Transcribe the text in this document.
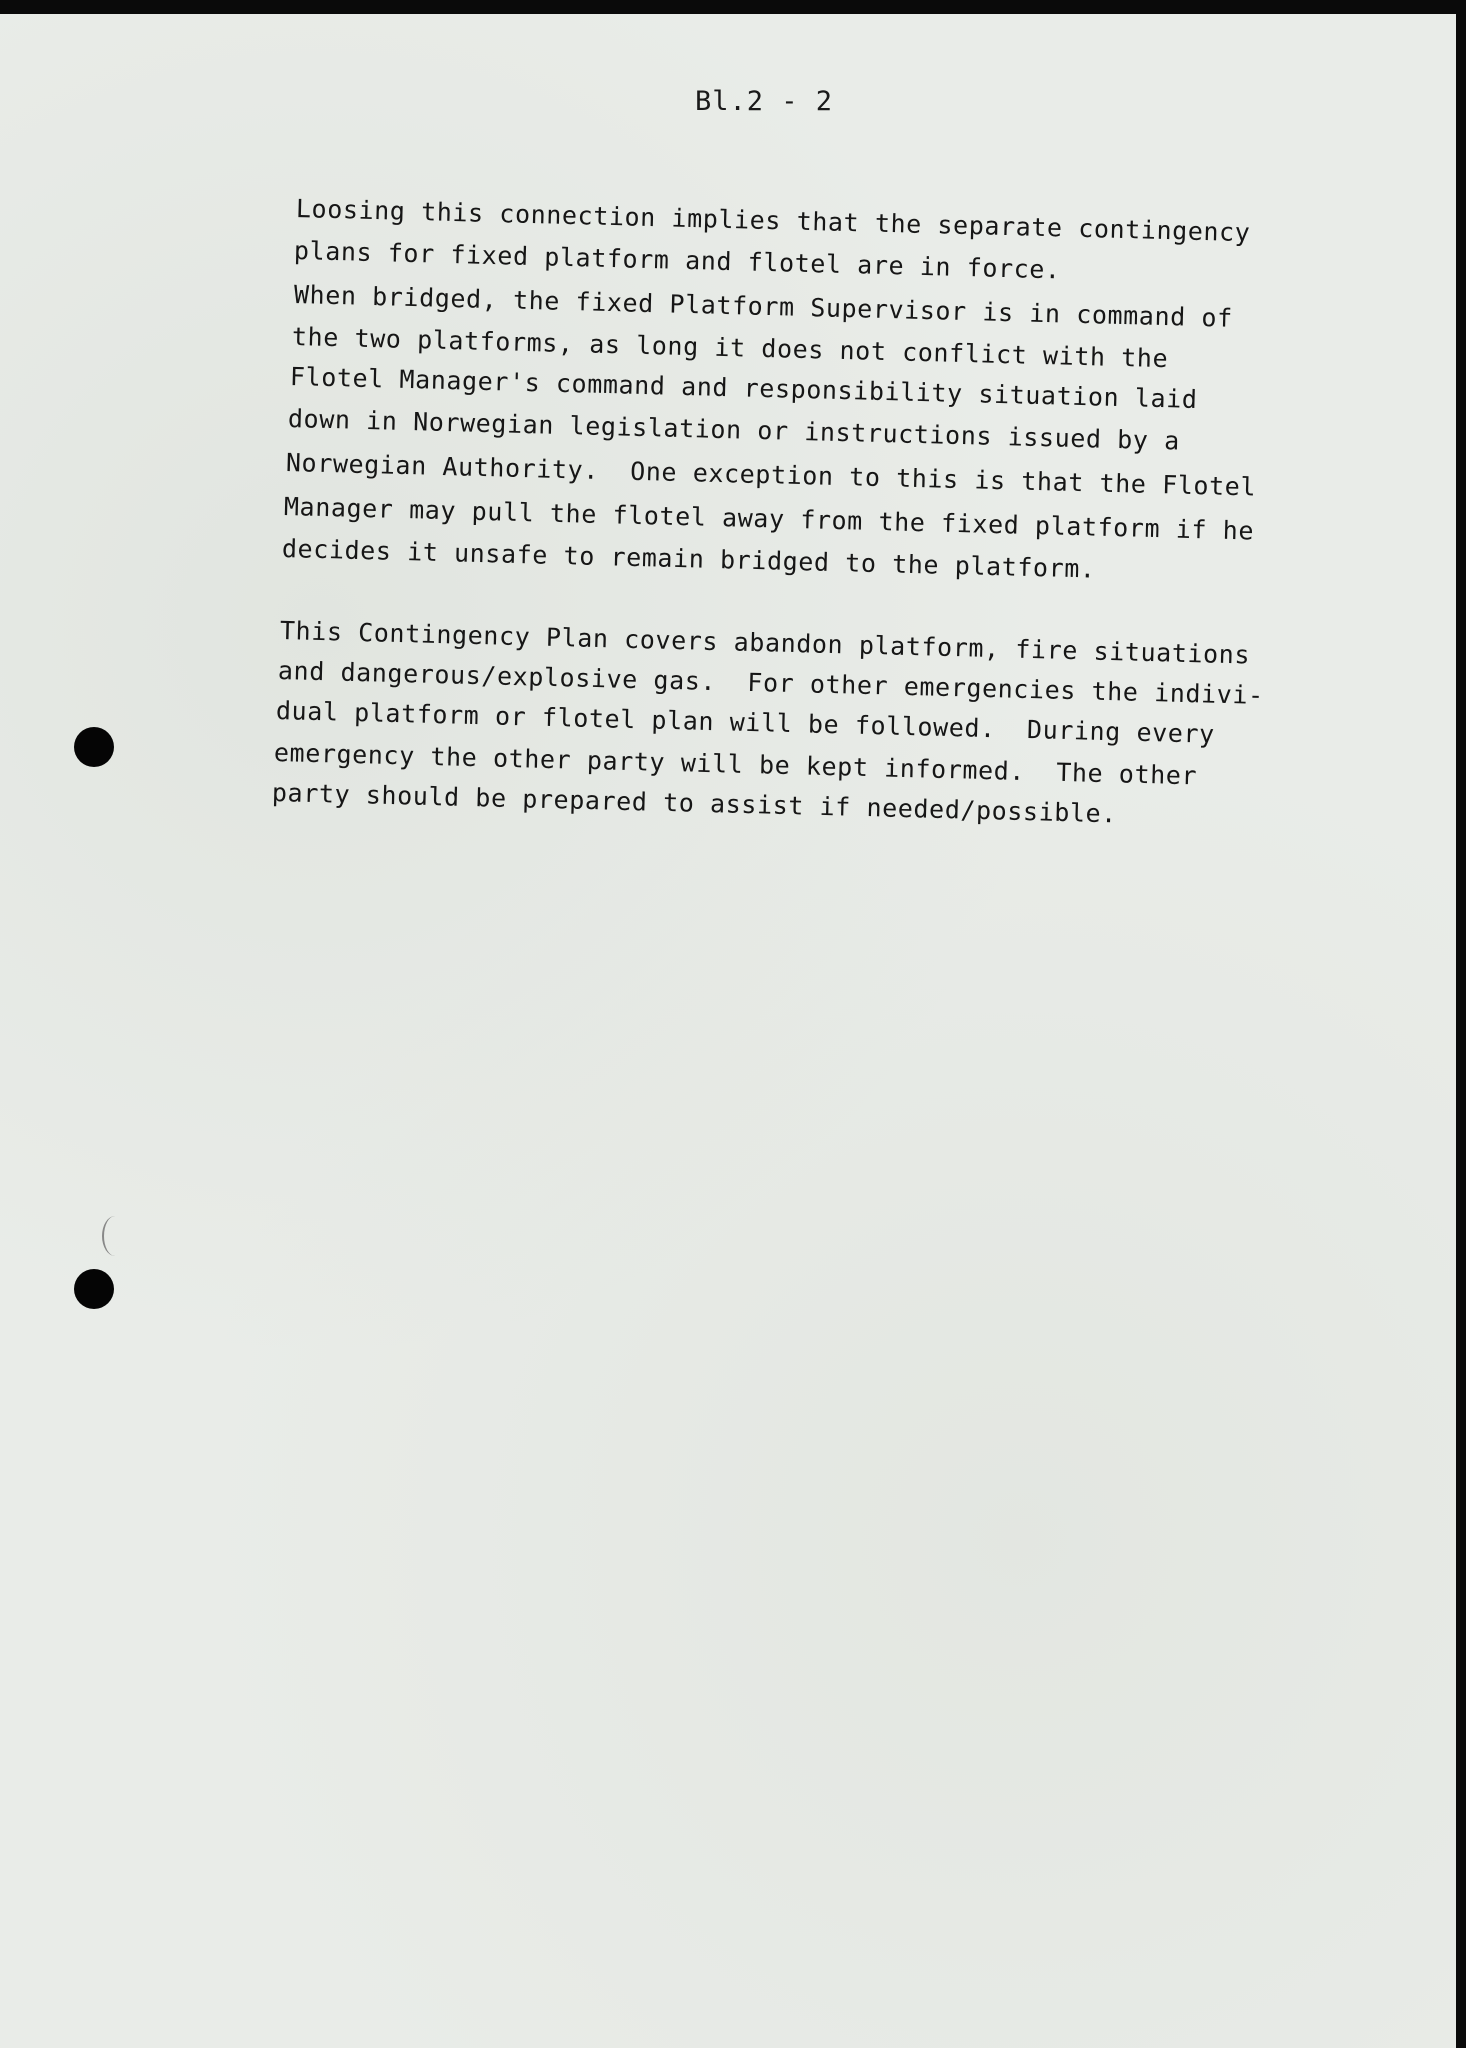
Bl.2 - 2
Loosing this connection implies that the separate contingency
plans for fixed platform and flotel are in force.
When bridged, the fixed Platform Supervisor is in command of
the two platforms, as long it does not conflict with the
Flotel Manager's command and responsibility situation laid
down in Norwegian legislation or instructions issued by a
Norwegian Authority.  One exception to this is that the Flotel
Manager may pull the flotel away from the fixed platform if he
decides it unsafe to remain bridged to the platform.
This Contingency Plan covers abandon platform, fire situations
and dangerous/explosive gas.  For other emergencies the indivi-
dual platform or flotel plan will be followed.  During every
emergency the other party will be kept informed.  The other
party should be prepared to assist if needed/possible.
